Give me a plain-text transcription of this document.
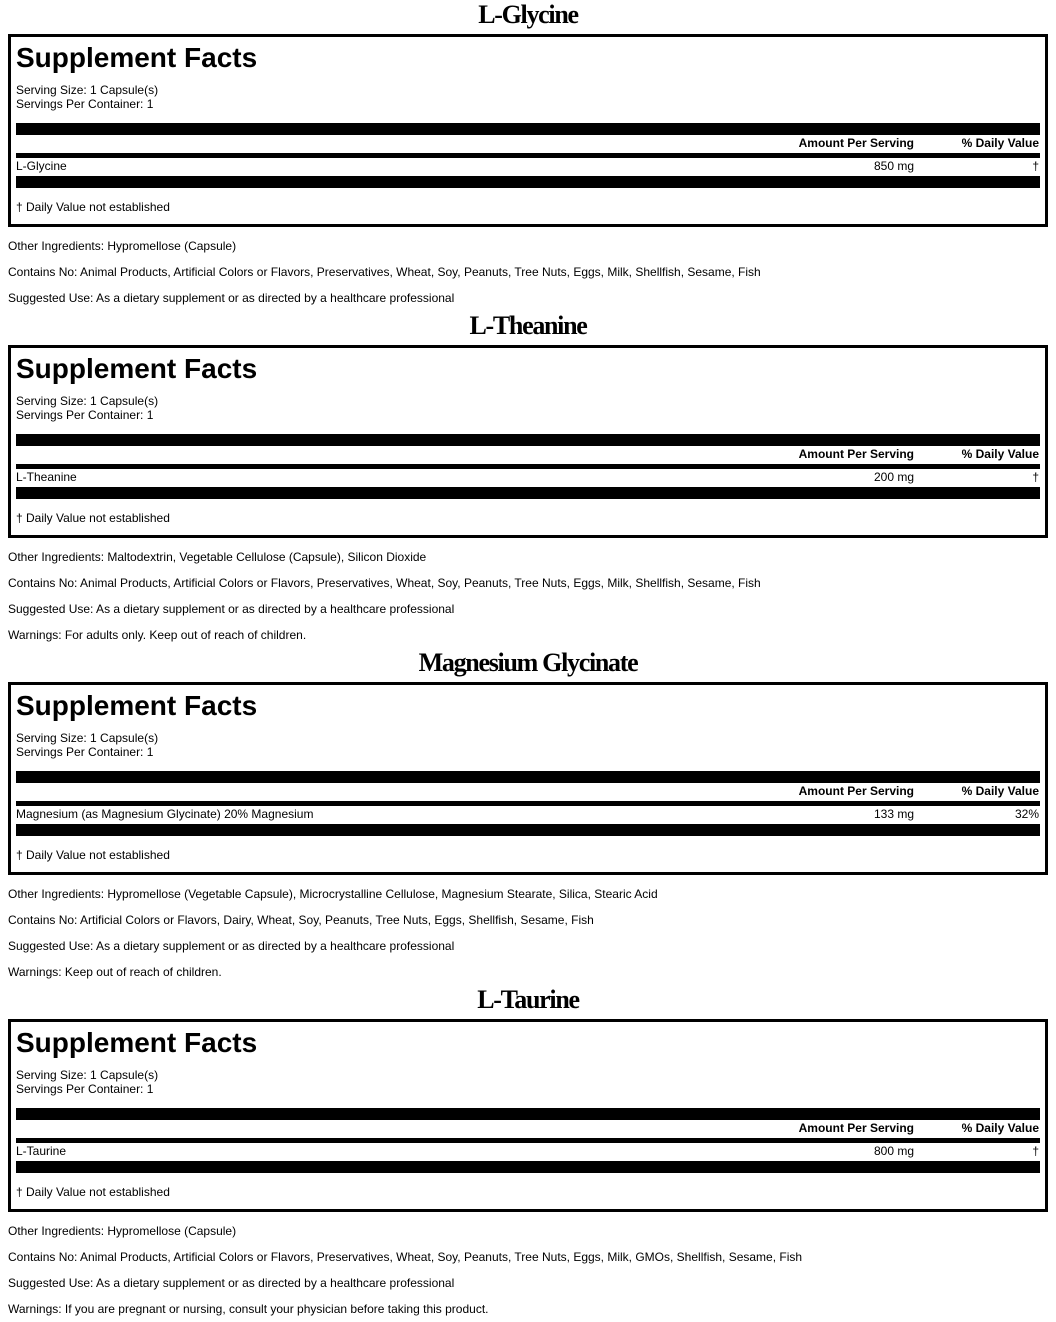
L-Glycine
Supplement Facts
Serving Size: 1 Capsule(s)
Servings Per Container: 1
Amount Per Serving	% Daily Value
L-Glycine	850 mg	†
† Daily Value not established

Other Ingredients: Hypromellose (Capsule)

Contains No: Animal Products, Artificial Colors or Flavors, Preservatives, Wheat, Soy, Peanuts, Tree Nuts, Eggs, Milk, Shellfish, Sesame, Fish

Suggested Use: As a dietary supplement or as directed by a healthcare professional

L-Theanine
Supplement Facts
Serving Size: 1 Capsule(s)
Servings Per Container: 1
Amount Per Serving	% Daily Value
L-Theanine	200 mg	†
† Daily Value not established

Other Ingredients: Maltodextrin, Vegetable Cellulose (Capsule), Silicon Dioxide

Contains No: Animal Products, Artificial Colors or Flavors, Preservatives, Wheat, Soy, Peanuts, Tree Nuts, Eggs, Milk, Shellfish, Sesame, Fish

Suggested Use: As a dietary supplement or as directed by a healthcare professional

Warnings: For adults only. Keep out of reach of children.

Magnesium Glycinate
Supplement Facts
Serving Size: 1 Capsule(s)
Servings Per Container: 1
Amount Per Serving	% Daily Value
Magnesium (as Magnesium Glycinate) 20% Magnesium	133 mg	32%
† Daily Value not established

Other Ingredients: Hypromellose (Vegetable Capsule), Microcrystalline Cellulose, Magnesium Stearate, Silica, Stearic Acid

Contains No: Artificial Colors or Flavors, Dairy, Wheat, Soy, Peanuts, Tree Nuts, Eggs, Shellfish, Sesame, Fish

Suggested Use: As a dietary supplement or as directed by a healthcare professional

Warnings: Keep out of reach of children.

L-Taurine
Supplement Facts
Serving Size: 1 Capsule(s)
Servings Per Container: 1
Amount Per Serving	% Daily Value
L-Taurine	800 mg	†
† Daily Value not established

Other Ingredients: Hypromellose (Capsule)

Contains No: Animal Products, Artificial Colors or Flavors, Preservatives, Wheat, Soy, Peanuts, Tree Nuts, Eggs, Milk, GMOs, Shellfish, Sesame, Fish

Suggested Use: As a dietary supplement or as directed by a healthcare professional

Warnings: If you are pregnant or nursing, consult your physician before taking this product.
